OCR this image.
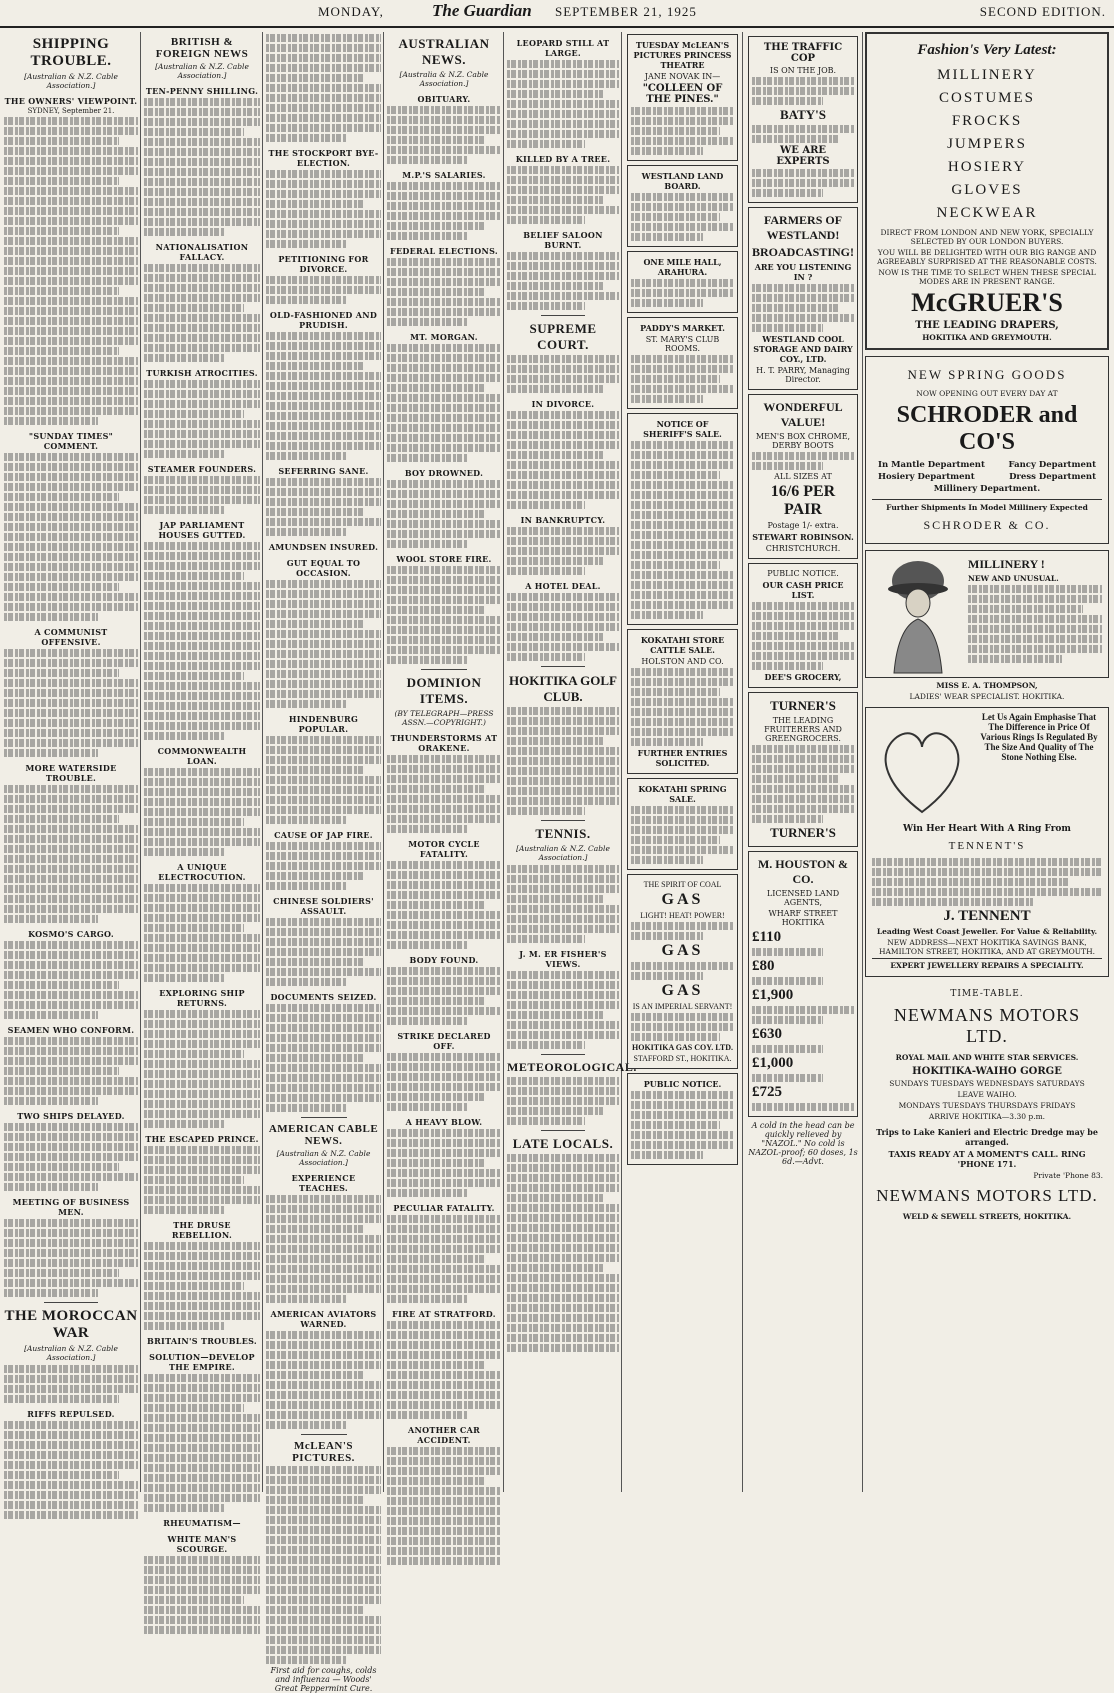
MONDAY,	The Guardian SEPTEMBER 21, 1925	SECOND EDITION.
SHIPPING TROUBLE.
[Australian & N.Z. Cable Association.]
THE OWNERS' VIEWPOINT.
SYDNEY, September 21.
"SUNDAY TIMES" COMMENT.
A COMMUNIST OFFENSIVE.
MORE WATERSIDE TROUBLE.
KOSMO'S CARGO.
SEAMEN WHO CONFORM.
TWO SHIPS DELAYED.
MEETING OF BUSINESS MEN.
THE MOROCCAN WAR
[Australian & N.Z. Cable Association.]
RIFFS REPULSED.
BRITISH & FOREIGN NEWS
[Australian & N.Z. Cable Association.]
TEN-PENNY SHILLING.
NATIONALISATION FALLACY.
TURKISH ATROCITIES.
STEAMER FOUNDERS.
JAP PARLIAMENT HOUSES GUTTED.
COMMONWEALTH LOAN.
A UNIQUE ELECTROCUTION.
EXPLORING SHIP RETURNS.
THE ESCAPED PRINCE.
THE DRUSE REBELLION.
BRITAIN'S TROUBLES.
SOLUTION—DEVELOP THE EMPIRE.
RHEUMATISM—
WHITE MAN'S SCOURGE.
THE STOCKPORT BYE-ELECTION.
PETITIONING FOR DIVORCE.
OLD-FASHIONED AND PRUDISH.
SEFERRING SANE.
AMUNDSEN INSURED.
GUT EQUAL TO OCCASION.
HINDENBURG POPULAR.
CAUSE OF JAP FIRE.
CHINESE SOLDIERS' ASSAULT.
DOCUMENTS SEIZED.
AMERICAN CABLE NEWS.
[Australian & N.Z. Cable Association.]
EXPERIENCE TEACHES.
AMERICAN AVIATORS WARNED.
McLEAN'S PICTURES.
First aid for coughs, colds and influenza — Woods' Great Peppermint Cure.
AUSTRALIAN NEWS.
[Australia & N.Z. Cable Association.]
OBITUARY.
M.P.'S SALARIES.
FEDERAL ELECTIONS.
MT. MORGAN.
BOY DROWNED.
WOOL STORE FIRE.
DOMINION ITEMS.
(BY TELEGRAPH—PRESS ASSN.—COPYRIGHT.)
THUNDERSTORMS AT ORAKENE.
MOTOR CYCLE FATALITY.
BODY FOUND.
STRIKE DECLARED OFF.
A HEAVY BLOW.
PECULIAR FATALITY.
FIRE AT STRATFORD.
ANOTHER CAR ACCIDENT.
LEOPARD STILL AT LARGE.
KILLED BY A TREE.
BELIEF SALOON BURNT.
SUPREME COURT.
IN DIVORCE.
IN BANKRUPTCY.
A HOTEL DEAL.
HOKITIKA GOLF CLUB.
TENNIS.
[Australian & N.Z. Cable Association.]
J. M. ER FISHER'S VIEWS.
METEOROLOGICAL.
LATE LOCALS.
TUESDAY McLEAN'S PICTURES PRINCESS THEATRE
JANE NOVAK IN—
"COLLEEN OF THE PINES."
WESTLAND LAND BOARD.
ONE MILE HALL, ARAHURA.
PADDY'S MARKET.
ST. MARY'S CLUB ROOMS.
NOTICE OF SHERIFF'S SALE.
KOKATAHI STORE CATTLE SALE.
HOLSTON AND CO.
FURTHER ENTRIES SOLICITED.
KOKATAHI SPRING SALE.
THE SPIRIT OF COAL
GAS
LIGHT! HEAT! POWER!
GAS
GAS
IS AN IMPERIAL SERVANT!
HOKITIKA GAS COY. LTD.
STAFFORD ST., HOKITIKA.
PUBLIC NOTICE.
THE TRAFFIC COP
IS ON THE JOB.
BATY'S
WE ARE EXPERTS
FARMERS OF WESTLAND!
BROADCASTING!
ARE YOU LISTENING IN ?
WESTLAND COOL STORAGE AND DAIRY COY., LTD.
H. T. PARRY, Managing Director.
WONDERFUL VALUE!
MEN'S BOX CHROME, DERBY BOOTS
ALL SIZES AT
16/6 PER PAIR
Postage 1/- extra.
STEWART ROBINSON.
CHRISTCHURCH.
PUBLIC NOTICE.
OUR CASH PRICE LIST.
DEE'S GROCERY,
TURNER'S
THE LEADING FRUITERERS AND GREENGROCERS.
TURNER'S
M. HOUSTON & CO.
LICENSED LAND AGENTS,
WHARF STREET HOKITIKA
£110
£80
£1,900
£630
£1,000
£725
A cold in the head can be quickly relieved by "NAZOL." No cold is NAZOL-proof; 60 doses, 1s 6d.—Advt.
Fashion's Very Latest:
MILLINERY
COSTUMES
FROCKS
JUMPERS
HOSIERY
GLOVES
NECKWEAR
DIRECT FROM LONDON AND NEW YORK, SPECIALLY SELECTED BY OUR LONDON BUYERS.
YOU WILL BE DELIGHTED WITH OUR BIG RANGE AND AGREEABLY SURPRISED AT THE REASONABLE COSTS.
NOW IS THE TIME TO SELECT WHEN THESE SPECIAL MODES ARE IN PRESENT RANGE.
McGRUER'S
THE LEADING DRAPERS,
HOKITIKA AND GREYMOUTH.
NEW SPRING GOODS
NOW OPENING OUT EVERY DAY AT
SCHRODER and CO'S
In Mantle Department	Fancy Department
Hosiery Department	Dress Department
Millinery Department.
Further Shipments In Model Millinery Expected
SCHRODER & CO.
MILLINERY !
NEW AND UNUSUAL.
MISS E. A. THOMPSON,
LADIES' WEAR SPECIALIST. HOKITIKA.
Let Us Again Emphasise That The Difference in Price Of Various Rings Is Regulated By The Size And Quality of The Stone Nothing Else.
Win Her Heart With A Ring From
TENNENT'S
J. TENNENT
Leading West Coast Jeweller. For Value & Reliability.
NEW ADDRESS—NEXT HOKITIKA SAVINGS BANK, HAMILTON STREET, HOKITIKA, AND AT GREYMOUTH.
EXPERT JEWELLERY REPAIRS A SPECIALITY.
TIME-TABLE.
NEWMANS MOTORS LTD.
ROYAL MAIL AND WHITE STAR SERVICES.
HOKITIKA-WAIHO GORGE
SUNDAYS TUESDAYS WEDNESDAYS SATURDAYS
LEAVE WAIHO.
MONDAYS TUESDAYS THURSDAYS FRIDAYS
ARRIVE HOKITIKA—3.30 p.m.
Trips to Lake Kanieri and Electric Dredge may be arranged.
TAXIS READY AT A MOMENT'S CALL. RING 'PHONE 171.
Private 'Phone 83.
NEWMANS MOTORS LTD.
WELD & SEWELL STREETS, HOKITIKA.
